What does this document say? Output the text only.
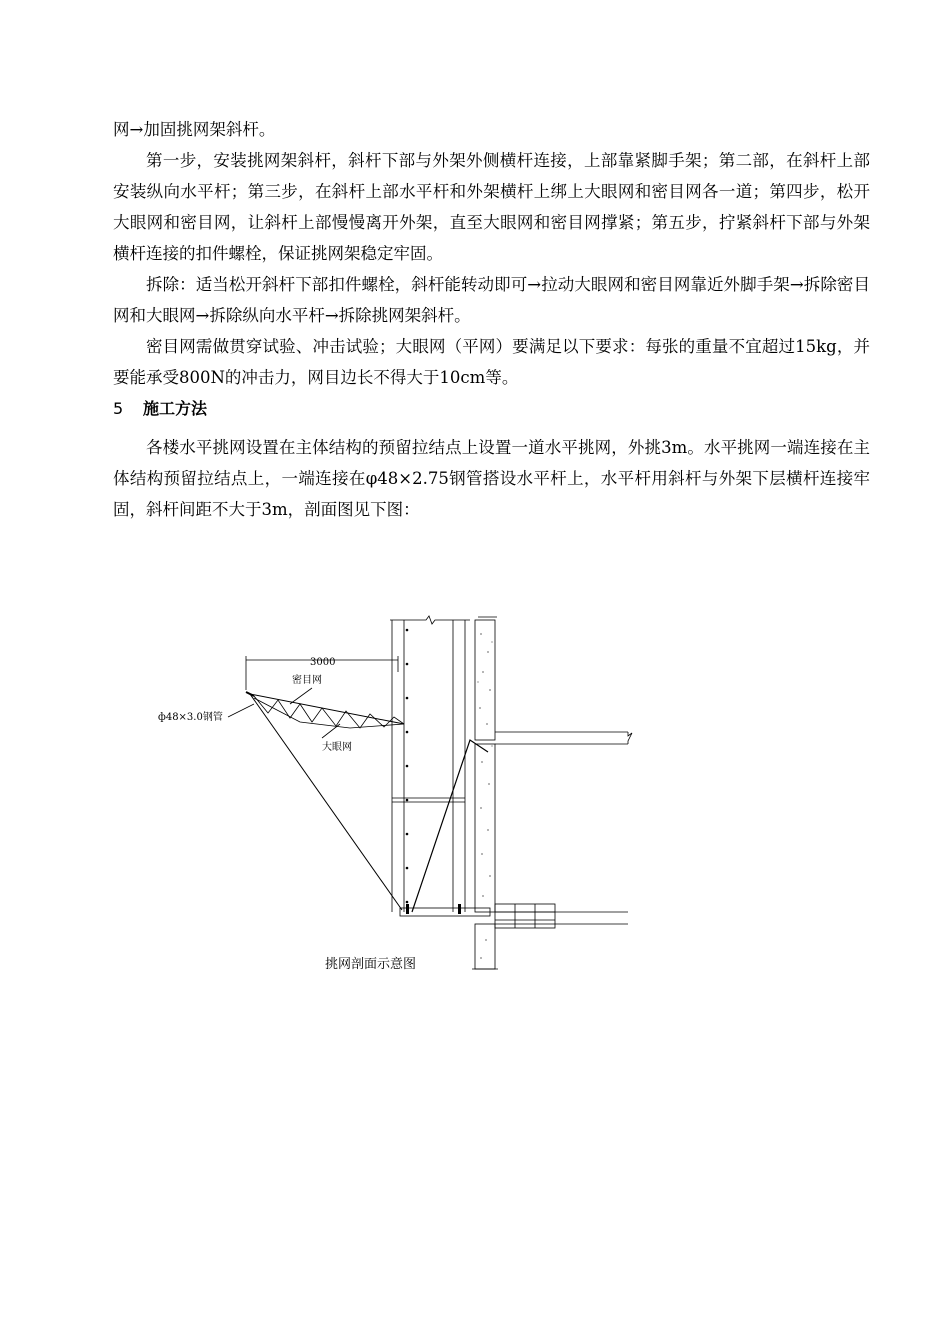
网→加固挑网架斜杆。

第一步，安装挑网架斜杆，斜杆下部与外架外侧横杆连接，上部靠紧脚手架；第二部，在斜杆上部安装纵向水平杆；第三步，在斜杆上部水平杆和外架横杆上绑上大眼网和密目网各一道；第四步，松开大眼网和密目网，让斜杆上部慢慢离开外架，直至大眼网和密目网撑紧；第五步，拧紧斜杆下部与外架横杆连接的扣件螺栓，保证挑网架稳定牢固。

拆除：适当松开斜杆下部扣件螺栓，斜杆能转动即可→拉动大眼网和密目网靠近外脚手架→拆除密目网和大眼网→拆除纵向水平杆→拆除挑网架斜杆。

密目网需做贯穿试验、冲击试验；大眼网（平网）要满足以下要求：每张的重量不宜超过15kg，并要能承受800N的冲击力，网目边长不得大于10cm等。

5 施工方法

各楼水平挑网设置在主体结构的预留拉结点上设置一道水平挑网，外挑3m。水平挑网一端连接在主体结构预留拉结点上，一端连接在φ48×2.75钢管搭设水平杆上，水平杆用斜杆与外架下层横杆连接牢固，斜杆间距不大于3m，剖面图见下图：

3000
密目网
ф48×3.0钢管
大眼网
挑网剖面示意图
